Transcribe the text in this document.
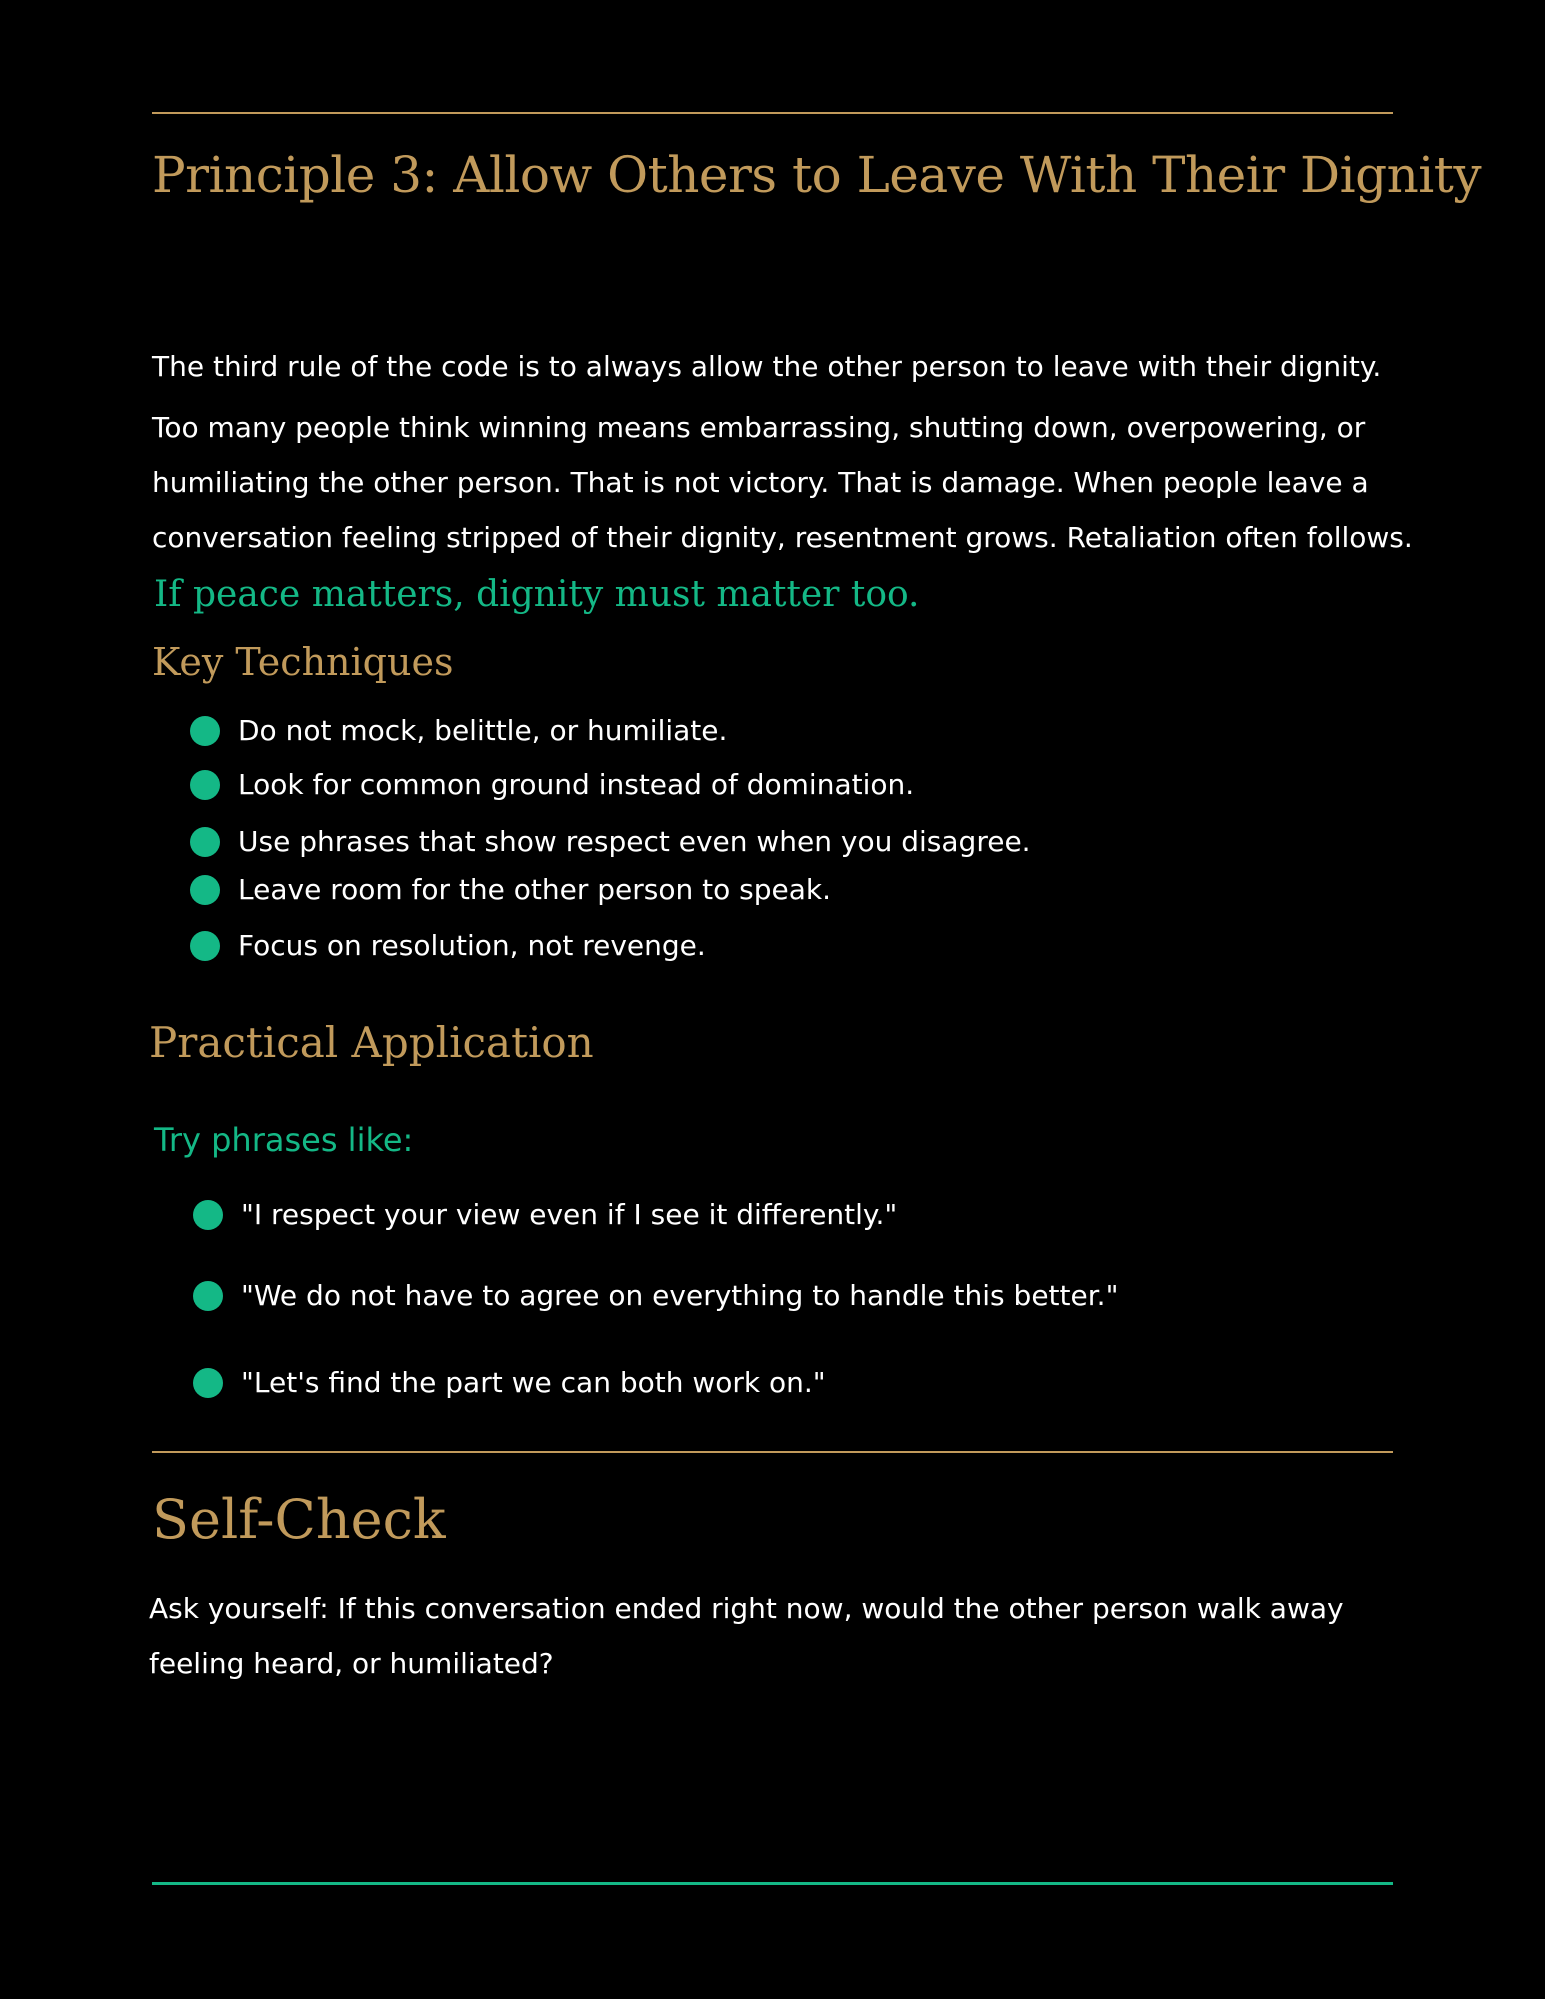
Principle 3: Allow Others to Leave With Their Dignity

The third rule of the code is to always allow the other person to leave with their dignity.

Too many people think winning means embarrassing, shutting down, overpowering, or

humiliating the other person. That is not victory. That is damage. When people leave a

conversation feeling stripped of their dignity, resentment grows. Retaliation often follows.

If peace matters, dignity must matter too.

Key Techniques
Do not mock, belittle, or humiliate.
Look for common ground instead of domination.
Use phrases that show respect even when you disagree.
Leave room for the other person to speak.
Focus on resolution, not revenge.
Practical Application

Try phrases like:

"I respect your view even if I see it differently."
"We do not have to agree on everything to handle this better."
"Let's find the part we can both work on."
Self-Check

Ask yourself: If this conversation ended right now, would the other person walk away

feeling heard, or humiliated?
